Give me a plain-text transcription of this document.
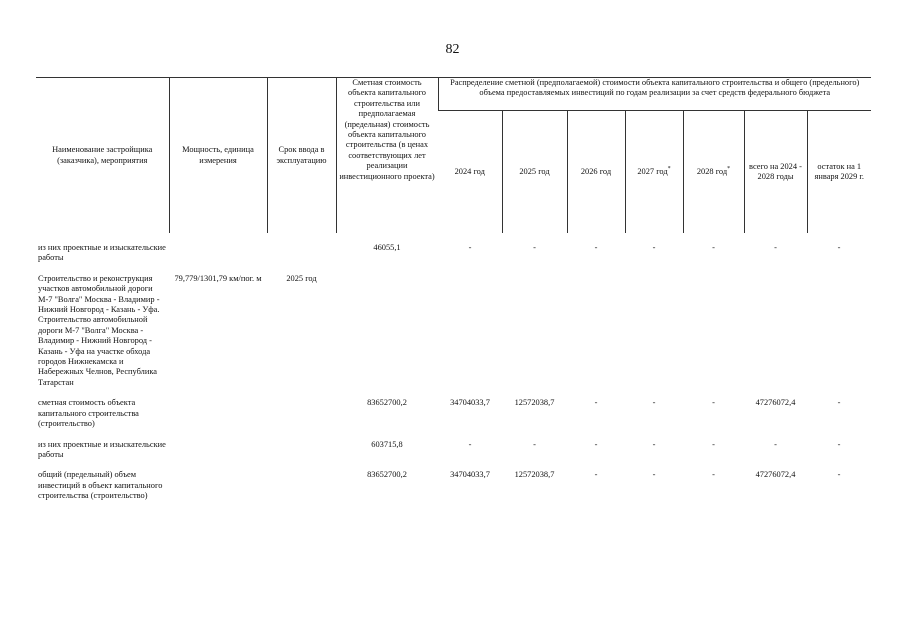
82
Наименование застройщика (заказчика), мероприятия	Мощность, единица измерения	Срок ввода в эксплуатацию	Сметная стоимость объекта капитального строительства или предполагаемая (предельная) стоимость объекта капитального строительства (в ценах соответствующих лет реализации инвестиционного проекта)	Распределение сметной (предполагаемой) стоимости объекта капитального строительства и общего (предельного) объема предоставляемых инвестиций по годам реализации за счет средств федерального бюджета						
				2024 год	2025 год	2026 год	2027 год*	2028 год*	всего на 2024 - 2028 годы	остаток на 1 января 2029 г.

из них проектные и изыскательские работы			46055,1	-	-	-	-	-	-	-
Строительство и реконструкция участков автомобильной дороги М-7 "Волга" Москва - Владимир - Нижний Новгород - Казань - Уфа. Строительство автомобильной дороги М-7 "Волга" Москва - Владимир - Нижний Новгород - Казань - Уфа на участке обхода городов Нижнекамска и Набережных Челнов, Республика Татарстан	79,779/1301,79 км/пог. м	2025 год								
сметная стоимость объекта капитального строительства (строительство)			83652700,2	34704033,7	12572038,7	-	-	-	47276072,4	-
из них проектные и изыскательские работы			603715,8	-	-	-	-	-	-	-
общий (предельный) объем инвестиций в объект капитального строительства (строительство)			83652700,2	34704033,7	12572038,7	-	-	-	47276072,4	-
